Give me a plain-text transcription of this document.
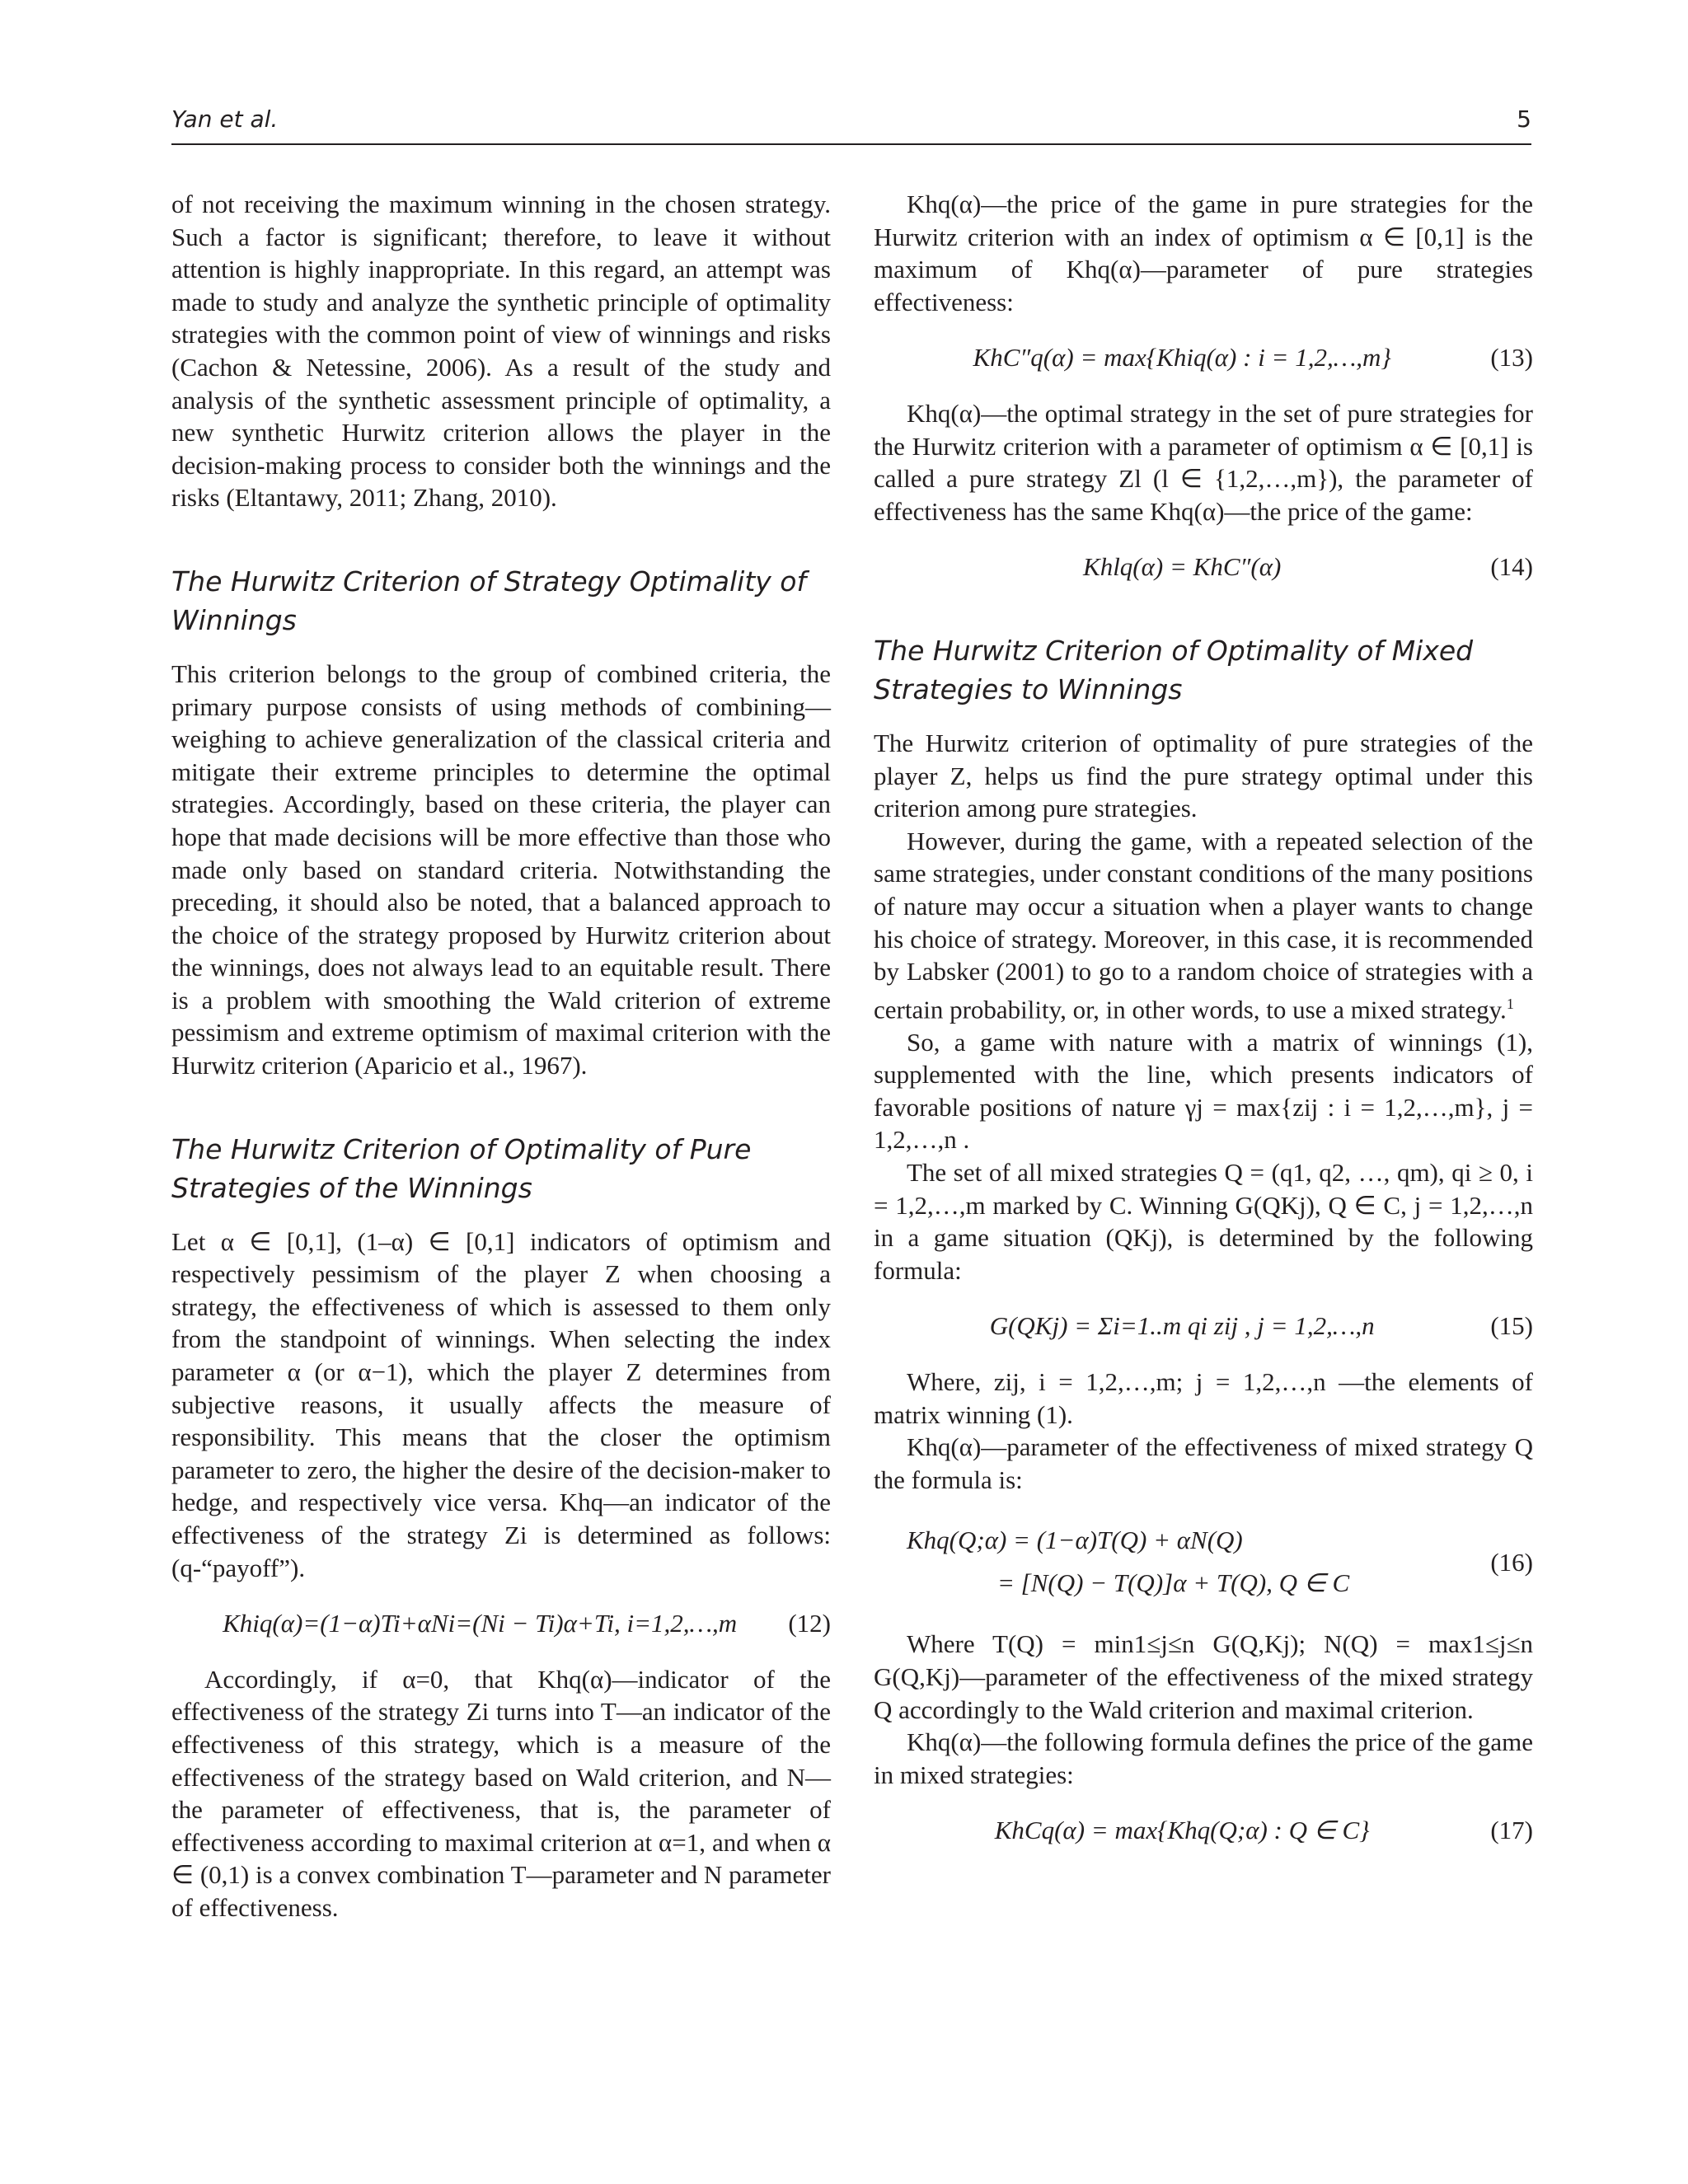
Yan et al.	5

of not receiving the maximum winning in the chosen strategy. Such a factor is significant; therefore, to leave it without attention is highly inappropriate. In this regard, an attempt was made to study and analyze the synthetic principle of optimality strategies with the common point of view of winnings and risks (Cachon & Netessine, 2006). As a result of the study and analysis of the synthetic assessment principle of optimality, a new synthetic Hurwitz criterion allows the player in the decision-making process to consider both the winnings and the risks (Eltantawy, 2011; Zhang, 2010).

The Hurwitz Criterion of Strategy Optimality of Winnings

This criterion belongs to the group of combined criteria, the primary purpose consists of using methods of combining—weighing to achieve generalization of the classical criteria and mitigate their extreme principles to determine the optimal strategies. Accordingly, based on these criteria, the player can hope that made decisions will be more effective than those who made only based on standard criteria. Notwithstanding the preceding, it should also be noted, that a balanced approach to the choice of the strategy proposed by Hurwitz criterion about the winnings, does not always lead to an equitable result. There is a problem with smoothing the Wald criterion of extreme pessimism and extreme optimism of maximal criterion with the Hurwitz criterion (Aparicio et al., 1967).

The Hurwitz Criterion of Optimality of Pure Strategies of the Winnings

Let α ∈ [0,1], (1–α) ∈ [0,1] indicators of optimism and respectively pessimism of the player Z when choosing a strategy, the effectiveness of which is assessed to them only from the standpoint of winnings. When selecting the index parameter α (or α−1), which the player Z determines from subjective reasons, it usually affects the measure of responsibility. This means that the closer the optimism parameter to zero, the higher the desire of the decision-maker to hedge, and respectively vice versa. Khq—an indicator of the effectiveness of the strategy Zi is determined as follows: (q-“payoff”).

Khiq(α)=(1−α)Ti+αNi=(Ni − Ti)α+Ti, i=1,2,…,m	(12)

Accordingly, if α=0, that Khq(α)—indicator of the effectiveness of the strategy Zi turns into T—an indicator of the effectiveness of this strategy, which is a measure of the effectiveness of the strategy based on Wald criterion, and N—the parameter of effectiveness, that is, the parameter of effectiveness according to maximal criterion at α=1, and when α ∈ (0,1) is a convex combination T—parameter and N parameter of effectiveness.

Khq(α)—the price of the game in pure strategies for the Hurwitz criterion with an index of optimism α ∈ [0,1] is the maximum of Khq(α)—parameter of pure strategies effectiveness:

KhC″q(α) = max{Khiq(α) : i = 1,2,…,m}	(13)

Khq(α)—the optimal strategy in the set of pure strategies for the Hurwitz criterion with a parameter of optimism α ∈ [0,1] is called a pure strategy Zl (l ∈ {1,2,…,m}), the parameter of effectiveness has the same Khq(α)—the price of the game:

Khlq(α) = KhC″(α)	(14)
The Hurwitz Criterion of Optimality of Mixed Strategies to Winnings

The Hurwitz criterion of optimality of pure strategies of the player Z, helps us find the pure strategy optimal under this criterion among pure strategies.

However, during the game, with a repeated selection of the same strategies, under constant conditions of the many positions of nature may occur a situation when a player wants to change his choice of strategy. Moreover, in this case, it is recommended by Labsker (2001) to go to a random choice of strategies with a certain probability, or, in other words, to use a mixed strategy.$^1$

So, a game with nature with a matrix of winnings (1), supplemented with the line, which presents indicators of favorable positions of nature γj = max{zij : i = 1,2,…,m}, j = 1,2,…,n .

The set of all mixed strategies Q = (q1, q2, …, qm), qi ≥ 0, i = 1,2,…,m marked by C. Winning G(QKj), Q ∈ C, j = 1,2,…,n in a game situation (QKj), is determined by the following formula:

G(QKj) = Σi=1..m qi zij , j = 1,2,…,n	(15)

Where, zij, i = 1,2,…,m; j = 1,2,…,n —the elements of matrix winning (1).

Khq(α)—parameter of the effectiveness of mixed strategy Q the formula is:

Khq(Q;α) = (1−α)T(Q) + αN(Q)
= [N(Q) − T(Q)]α + T(Q), Q ∈ C
(16)

Where T(Q) = min1≤j≤n G(Q,Kj); N(Q) = max1≤j≤n G(Q,Kj)—parameter of the effectiveness of the mixed strategy Q accordingly to the Wald criterion and maximal criterion.

Khq(α)—the following formula defines the price of the game in mixed strategies:

KhCq(α) = max{Khq(Q;α) : Q ∈ C}	(17)
